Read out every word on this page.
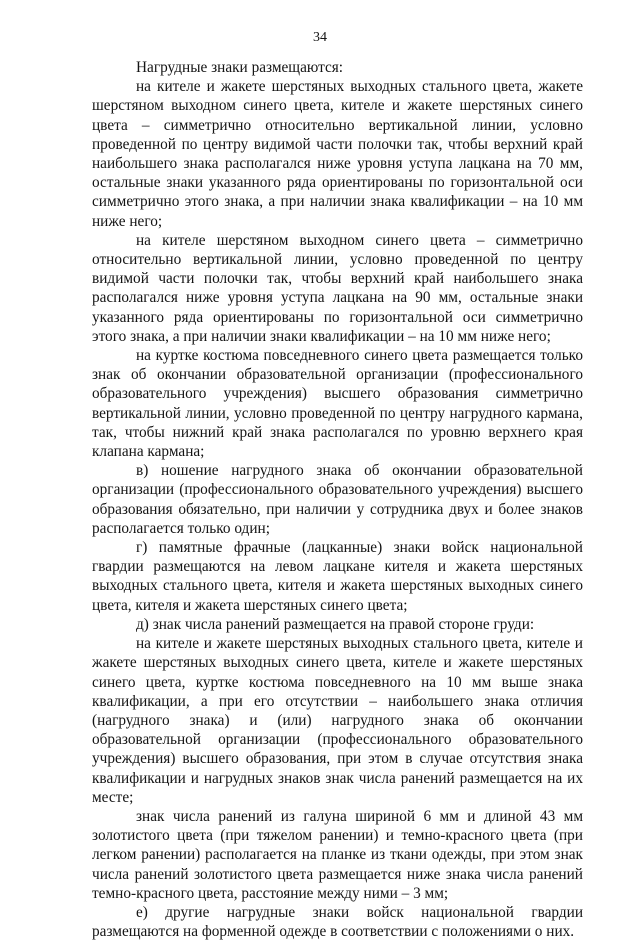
34

Нагрудные знаки размещаются:

на кителе и жакете шерстяных выходных стального цвета, жакете шерстяном выходном синего цвета, кителе и жакете шерстяных синего цвета – симметрично относительно вертикальной линии, условно проведенной по центру видимой части полочки так, чтобы верхний край наибольшего знака располагался ниже уровня уступа лацкана на 70 мм, остальные знаки указанного ряда ориентированы по горизонтальной оси симметрично этого знака, а при наличии знака квалификации – на 10 мм ниже него;

на кителе шерстяном выходном синего цвета – симметрично относительно вертикальной линии, условно проведенной по центру видимой части полочки так, чтобы верхний край наибольшего знака располагался ниже уровня уступа лацкана на 90 мм, остальные знаки указанного ряда ориентированы по горизонтальной оси симметрично этого знака, а при наличии знаки квалификации – на 10 мм ниже него;

на куртке костюма повседневного синего цвета размещается только знак об окончании образовательной организации (профессионального образовательного учреждения) высшего образования симметрично вертикальной линии, условно проведенной по центру нагрудного кармана, так, чтобы нижний край знака располагался по уровню верхнего края клапана кармана;

в) ношение нагрудного знака об окончании образовательной организации (профессионального образовательного учреждения) высшего образования обязательно, при наличии у сотрудника двух и более знаков располагается только один;

г) памятные фрачные (лацканные) знаки войск национальной гвардии размещаются на левом лацкане кителя и жакета шерстяных выходных стального цвета, кителя и жакета шерстяных выходных синего цвета, кителя и жакета шерстяных синего цвета;

д) знак числа ранений размещается на правой стороне груди:

на кителе и жакете шерстяных выходных стального цвета, кителе и жакете шерстяных выходных синего цвета, кителе и жакете шерстяных синего цвета, куртке костюма повседневного на 10 мм выше знака квалификации, а при его отсутствии – наибольшего знака отличия (нагрудного знака) и (или) нагрудного знака об окончании образовательной организации (профессионального образовательного учреждения) высшего образования, при этом в случае отсутствия знака квалификации и нагрудных знаков знак числа ранений размещается на их месте;

знак числа ранений из галуна шириной 6 мм и длиной 43 мм золотистого цвета (при тяжелом ранении) и темно-красного цвета (при легком ранении) располагается на планке из ткани одежды, при этом знак числа ранений золотистого цвета размещается ниже знака числа ранений темно-красного цвета, расстояние между ними – 3 мм;

е) другие нагрудные знаки войск национальной гвардии размещаются на форменной одежде в соответствии с положениями о них.
